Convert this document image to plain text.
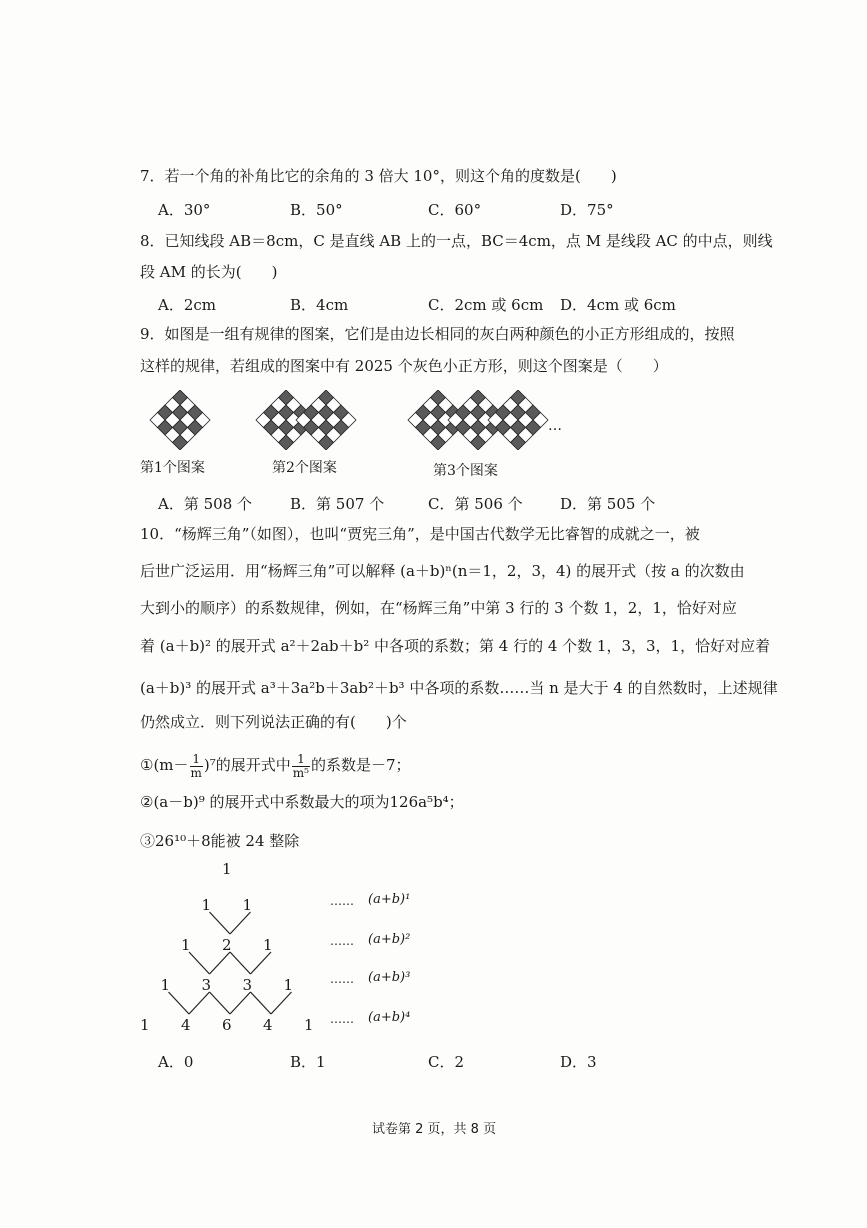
7．若一个角的补角比它的余角的 3 倍大 10°，则这个角的度数是(　　)
A．30°	B．50°	C．60°	D．75°
8．已知线段 AB＝8cm，C 是直线 AB 上的一点，BC＝4cm，点 M 是线段 AC 的中点，则线
段 AM 的长为(　　)
A．2cm	B．4cm	C．2cm 或 6cm D．4cm 或 6cm
9．如图是一组有规律的图案，它们是由边长相同的灰白两种颜色的小正方形组成的，按照
这样的规律，若组成的图案中有 2025 个灰色小正方形，则这个图案是（　　）
…
第1个图案	第2个图案	第3个图案
A．第 508 个	B．第 507 个	C．第 506 个 D．第 505 个
10．“杨辉三角”（如图），也叫“贾宪三角”，是中国古代数学无比睿智的成就之一，被
后世广泛运用．用“杨辉三角”可以解释 (a＋b)ⁿ(n＝1，2，3，4) 的展开式（按 a 的次数由
大到小的顺序）的系数规律，例如，在“杨辉三角”中第 3 行的 3 个数 1，2，1，恰好对应
着 (a＋b)² 的展开式 a²＋2ab＋b² 中各项的系数；第 4 行的 4 个数 1，3，3，1，恰好对应着
(a＋b)³ 的展开式 a³＋3a²b＋3ab²＋b³ 中各项的系数……当 n 是大于 4 的自然数时，上述规律
仍然成立．则下列说法正确的有(　　)个
①(m－ $\frac{1}{m} )^7$的展开式中 $\frac{1}{\text{m⁵}}$ 的系数是－7；
②(a－b)⁹ 的展开式中系数最大的项为126a⁵b⁴；
③26¹⁰＋8能被 24 整除
1
1 1
1 2 1
1 3 3 1
1 4 6 4 1
…… (a+b)¹
…… (a+b)²
…… (a+b)³
…… (a+b)⁴
A．0	B．1	C．2	D．3
试卷第 2 页，共 8 页
